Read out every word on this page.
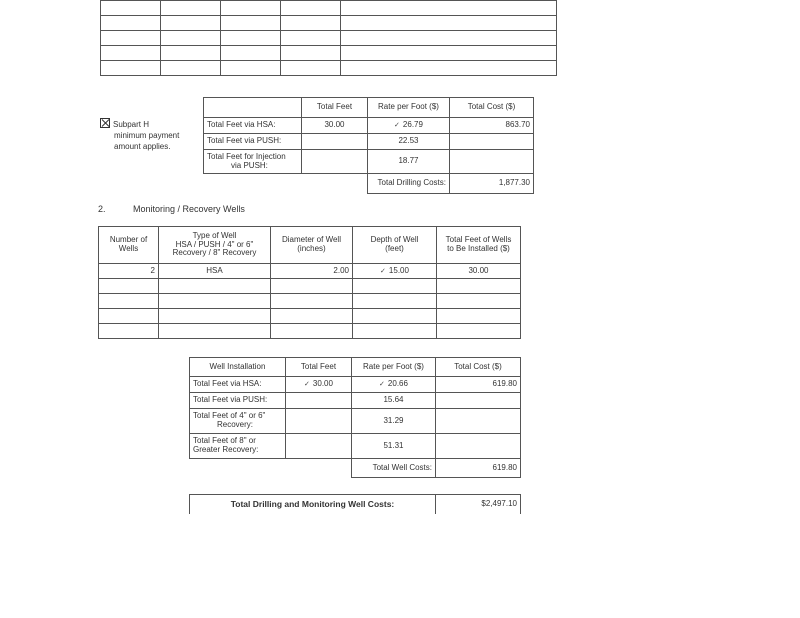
Subpart H
minimum payment
amount applies.
	Total Feet	Rate per Foot ($)	Total Cost ($)
Total Feet via HSA:	30.00	✓ 26.79	863.70
Total Feet via PUSH:		22.53	
Total Feet for Injection
via PUSH:		18.77	
		Total Drilling Costs:	1,877.30
2.	Monitoring / Recovery Wells
Number of
Wells	Type of Well
HSA / PUSH / 4" or 6"
Recovery / 8" Recovery	Diameter of Well
(inches)	Depth of Well
(feet)	Total Feet of Wells
to Be Installed ($)
2	HSA	2.00	✓ 15.00	30.00

Well Installation	Total Feet	Rate per Foot ($)	Total Cost ($)
Total Feet via HSA:	✓ 30.00	✓ 20.66	619.80
Total Feet via PUSH:		15.64	
Total Feet of 4" or 6"
Recovery:		31.29	
Total Feet of 8" or
Greater Recovery:		51.31	
		Total Well Costs:	619.80
Total Drilling and Monitoring Well Costs:	$2,497.10
